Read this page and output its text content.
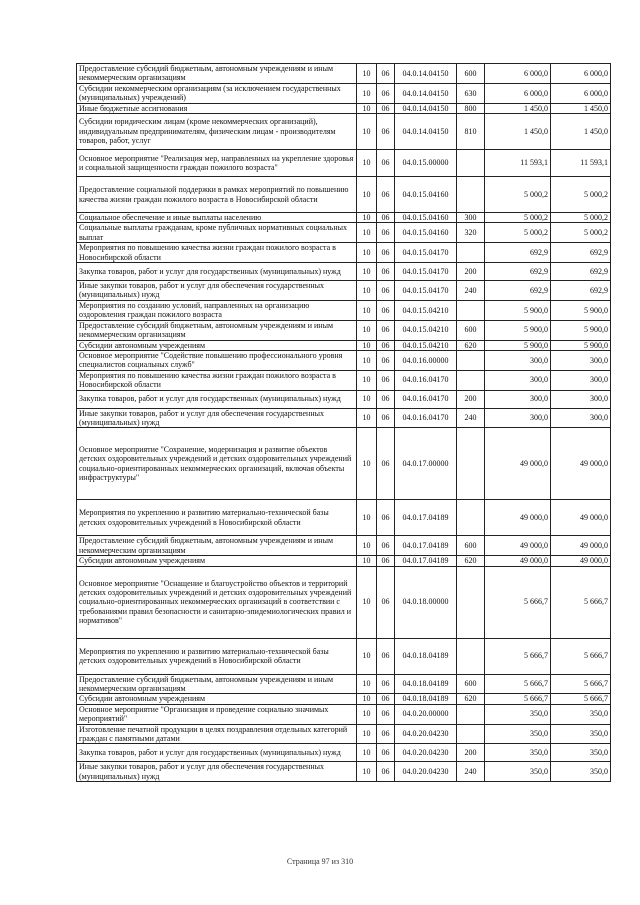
Предоставление субсидий бюджетным, автономным учреждениям и иным некоммерческим организациям	10	06	04.0.14.04150	600	6 000,0	6 000,0
Субсидии некоммерческим организациям (за исключением государственных (муниципальных) учреждений)	10	06	04.0.14.04150	630	6 000,0	6 000,0
Иные бюджетные ассигнования	10	06	04.0.14.04150	800	1 450,0	1 450,0
Субсидии юридическим лицам (кроме некоммерческих организаций), индивидуальным предпринимателям, физическим лицам - производителям товаров, работ, услуг	10	06	04.0.14.04150	810	1 450,0	1 450,0
Основное мероприятие "Реализация мер, направленных на укрепление здоровья и социальной защищенности граждан пожилого возраста"	10	06	04.0.15.00000		11 593,1	11 593,1
Предоставление социальной поддержки в рамках мероприятий по повышению качества жизни граждан пожилого возраста в Новосибирской области	10	06	04.0.15.04160		5 000,2	5 000,2
Социальное обеспечение и иные выплаты населению	10	06	04.0.15.04160	300	5 000,2	5 000,2
Социальные выплаты гражданам, кроме публичных нормативных социальных выплат	10	06	04.0.15.04160	320	5 000,2	5 000,2
Мероприятия по повышению качества жизни граждан пожилого возраста в Новосибирской области	10	06	04.0.15.04170		692,9	692,9
Закупка товаров, работ и услуг для государственных (муниципальных) нужд	10	06	04.0.15.04170	200	692,9	692,9
Иные закупки товаров, работ и услуг для обеспечения государственных (муниципальных) нужд	10	06	04.0.15.04170	240	692,9	692,9
Мероприятия по созданию условий, направленных на организацию оздоровления граждан пожилого возраста	10	06	04.0.15.04210		5 900,0	5 900,0
Предоставление субсидий бюджетным, автономным учреждениям и иным некоммерческим организациям	10	06	04.0.15.04210	600	5 900,0	5 900,0
Субсидии автономным учреждениям	10	06	04.0.15.04210	620	5 900,0	5 900,0
Основное мероприятие "Содействие повышению профессионального уровня специалистов социальных служб"	10	06	04.0.16.00000		300,0	300,0
Мероприятия по повышению качества жизни граждан пожилого возраста в Новосибирской области	10	06	04.0.16.04170		300,0	300,0
Закупка товаров, работ и услуг для государственных (муниципальных) нужд	10	06	04.0.16.04170	200	300,0	300,0
Иные закупки товаров, работ и услуг для обеспечения государственных (муниципальных) нужд	10	06	04.0.16.04170	240	300,0	300,0
Основное мероприятие "Сохранение, модернизация и развитие объектов детских оздоровительных учреждений и детских оздоровительных учреждений социально-ориентированных некоммерческих организаций, включая объекты инфраструктуры"	10	06	04.0.17.00000		49 000,0	49 000,0
Мероприятия по укреплению и развитию материально-технической базы детских оздоровительных учреждений в Новосибирской области	10	06	04.0.17.04189		49 000,0	49 000,0
Предоставление субсидий бюджетным, автономным учреждениям и иным некоммерческим организациям	10	06	04.0.17.04189	600	49 000,0	49 000,0
Субсидии автономным учреждениям	10	06	04.0.17.04189	620	49 000,0	49 000,0
Основное мероприятие "Оснащение и благоустройство объектов и территорий детских оздоровительных учреждений и детских оздоровительных учреждений социально-ориентированных некоммерческих организаций в соответствии с требованиями правил безопасности и санитарно-эпидемиологических правил и нормативов"	10	06	04.0.18.00000		5 666,7	5 666,7
Мероприятия по укреплению и развитию материально-технической базы детских оздоровительных учреждений в Новосибирской области	10	06	04.0.18.04189		5 666,7	5 666,7
Предоставление субсидий бюджетным, автономным учреждениям и иным некоммерческим организациям	10	06	04.0.18.04189	600	5 666,7	5 666,7
Субсидии автономным учреждениям	10	06	04.0.18.04189	620	5 666,7	5 666,7
Основное мероприятие "Организация и проведение социально значимых мероприятий"	10	06	04.0.20.00000		350,0	350,0
Изготовление печатной продукции в целях поздравления отдельных категорий граждан с памятными датами	10	06	04.0.20.04230		350,0	350,0
Закупка товаров, работ и услуг для государственных (муниципальных) нужд	10	06	04.0.20.04230	200	350,0	350,0
Иные закупки товаров, работ и услуг для обеспечения государственных (муниципальных) нужд	10	06	04.0.20.04230	240	350,0	350,0
Страница 97 из 310
